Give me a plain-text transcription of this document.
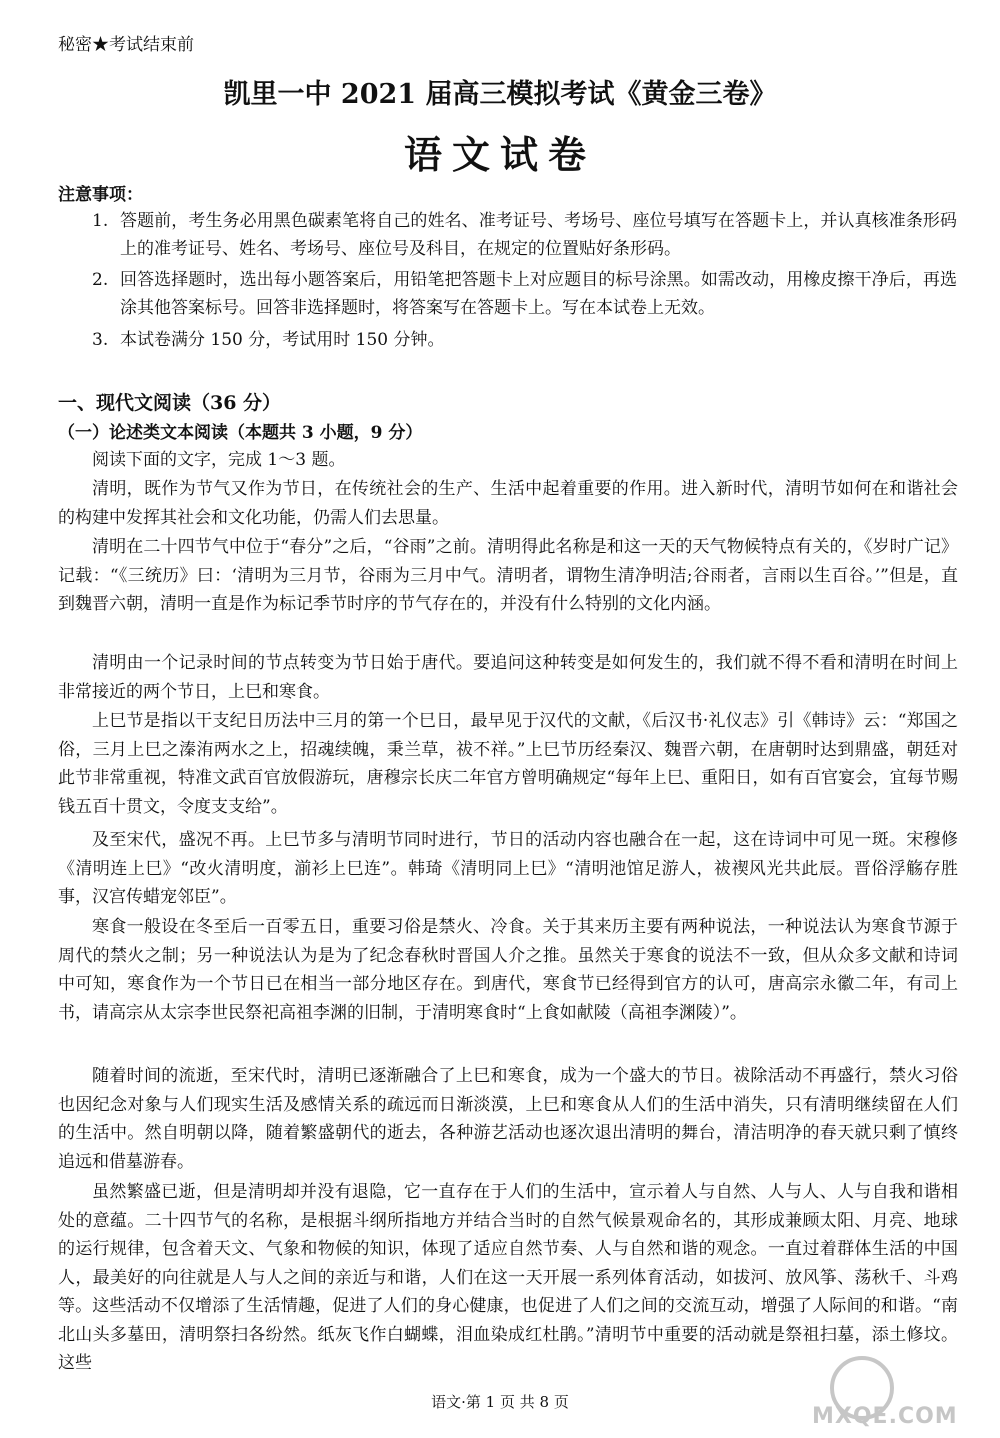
秘密★考试结束前
凯里一中 2021 届高三模拟考试《黄金三卷》
语文试卷
注意事项：
1. 答题前，考生务必用黑色碳素笔将自己的姓名、准考证号、考场号、座位号填写在答题卡上，并认真核准条形码上的准考证号、姓名、考场号、座位号及科目，在规定的位置贴好条形码。
2. 回答选择题时，选出每小题答案后，用铅笔把答题卡上对应题目的标号涂黑。如需改动，用橡皮擦干净后，再选涂其他答案标号。回答非选择题时，将答案写在答题卡上。写在本试卷上无效。
3. 本试卷满分 150 分，考试用时 150 分钟。
一、现代文阅读（36 分）
（一）论述类文本阅读（本题共 3 小题，9 分）

阅读下面的文字，完成 1～3 题。

清明，既作为节气又作为节日，在传统社会的生产、生活中起着重要的作用。进入新时代，清明节如何在和谐社会的构建中发挥其社会和文化功能，仍需人们去思量。

清明在二十四节气中位于“春分”之后，“谷雨”之前。清明得此名称是和这一天的天气物候特点有关的，《岁时广记》记载：“《三统历》曰：‘清明为三月节，谷雨为三月中气。清明者，谓物生清净明洁;谷雨者，言雨以生百谷。’”但是，直到魏晋六朝，清明一直是作为标记季节时序的节气存在的，并没有什么特别的文化内涵。

清明由一个记录时间的节点转变为节日始于唐代。要追问这种转变是如何发生的，我们就不得不看和清明在时间上非常接近的两个节日，上巳和寒食。

上巳节是指以干支纪日历法中三月的第一个巳日，最早见于汉代的文献，《后汉书·礼仪志》引《韩诗》云：“郑国之俗，三月上巳之溱洧两水之上，招魂续魄，秉兰草，祓不祥。”上巳节历经秦汉、魏晋六朝，在唐朝时达到鼎盛，朝廷对此节非常重视，特准文武百官放假游玩，唐穆宗长庆二年官方曾明确规定“每年上巳、重阳日，如有百官宴会，宜每节赐钱五百十贯文，令度支支给”。

及至宋代，盛况不再。上巳节多与清明节同时进行，节日的活动内容也融合在一起，这在诗词中可见一斑。宋穆修《清明连上巳》“改火清明度，湔衫上巳连”。韩琦《清明同上巳》“清明池馆足游人，祓禊风光共此辰。晋俗浮觞存胜事，汉宫传蜡宠邻臣”。

寒食一般设在冬至后一百零五日，重要习俗是禁火、冷食。关于其来历主要有两种说法，一种说法认为寒食节源于周代的禁火之制；另一种说法认为是为了纪念春秋时晋国人介之推。虽然关于寒食的说法不一致，但从众多文献和诗词中可知，寒食作为一个节日已在相当一部分地区存在。到唐代，寒食节已经得到官方的认可，唐高宗永徽二年，有司上书，请高宗从太宗李世民祭祀高祖李渊的旧制，于清明寒食时“上食如献陵（高祖李渊陵）”。

随着时间的流逝，至宋代时，清明已逐渐融合了上巳和寒食，成为一个盛大的节日。祓除活动不再盛行，禁火习俗也因纪念对象与人们现实生活及感情关系的疏远而日渐淡漠，上巳和寒食从人们的生活中消失，只有清明继续留在人们的生活中。然自明朝以降，随着繁盛朝代的逝去，各种游艺活动也逐次退出清明的舞台，清洁明净的春天就只剩了慎终追远和借墓游春。

虽然繁盛已逝，但是清明却并没有退隐，它一直存在于人们的生活中，宣示着人与自然、人与人、人与自我和谐相处的意蕴。二十四节气的名称，是根据斗纲所指地方并结合当时的自然气候景观命名的，其形成兼顾太阳、月亮、地球的运行规律，包含着天文、气象和物候的知识，体现了适应自然节奏、人与自然和谐的观念。一直过着群体生活的中国人，最美好的向往就是人与人之间的亲近与和谐，人们在这一天开展一系列体育活动，如拔河、放风筝、荡秋千、斗鸡等。这些活动不仅增添了生活情趣，促进了人们的身心健康，也促进了人们之间的交流互动，增强了人际间的和谐。“南北山头多墓田，清明祭扫各纷然。纸灰飞作白蝴蝶，泪血染成红杜鹃。”清明节中重要的活动就是祭祖扫墓，添土修坟。这些

语文·第 1 页 共 8 页
MXQE.COM
